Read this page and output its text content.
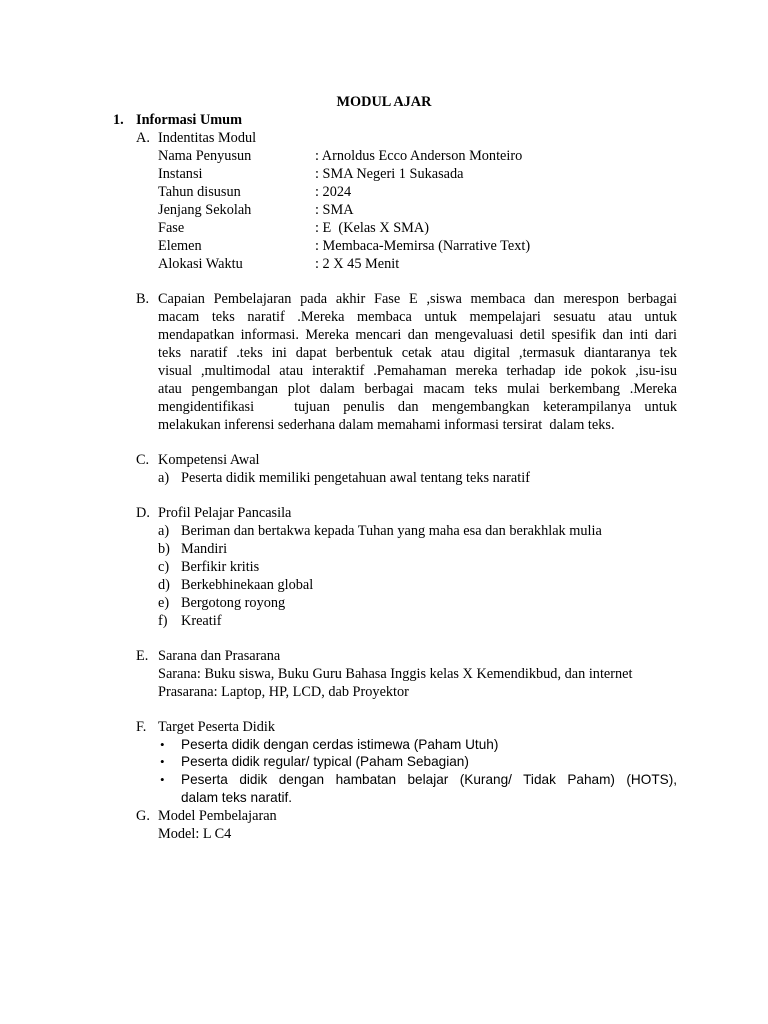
MODUL AJAR
1. Informasi Umum
A. Indentitas Modul
Nama Penyusun	: Arnoldus Ecco Anderson Monteiro
Instansi	: SMA Negeri 1 Sukasada
Tahun disusun	: 2024
Jenjang Sekolah	: SMA
Fase	: E  (Kelas X SMA)
Elemen	: Membaca-Memirsa (Narrative Text)
Alokasi Waktu	: 2 X 45 Menit
B. Capaian Pembelajaran pada akhir Fase E ,siswa membaca dan merespon berbagai
macam teks naratif .Mereka membaca untuk mempelajari sesuatu atau untuk
mendapatkan informasi. Mereka mencari dan mengevaluasi detil spesifik dan inti dari
teks naratif .teks ini dapat berbentuk cetak atau digital ,termasuk diantaranya tek
visual ,multimodal atau interaktif .Pemahaman mereka terhadap ide pokok ,isu-isu
atau pengembangan plot dalam berbagai macam teks mulai berkembang .Mereka
mengidentifikasi   tujuan penulis dan mengembangkan keterampilanya untuk
melakukan inferensi sederhana dalam memahami informasi tersirat  dalam teks.
C. Kompetensi Awal
a) Peserta didik memiliki pengetahuan awal tentang teks naratif
D. Profil Pelajar Pancasila
a) Beriman dan bertakwa kepada Tuhan yang maha esa dan berakhlak mulia
b) Mandiri
c) Berfikir kritis
d) Berkebhinekaan global
e) Bergotong royong
f) Kreatif
E. Sarana dan Prasarana
Sarana: Buku siswa, Buku Guru Bahasa Inggis kelas X Kemendikbud, dan internet
Prasarana: Laptop, HP, LCD, dab Proyektor
F. Target Peserta Didik
• Peserta didik dengan cerdas istimewa (Paham Utuh)
• Peserta didik regular/ typical (Paham Sebagian)
• Peserta didik dengan hambatan belajar (Kurang/ Tidak Paham) (HOTS),
dalam teks naratif.
G. Model Pembelajaran
Model: L C4
